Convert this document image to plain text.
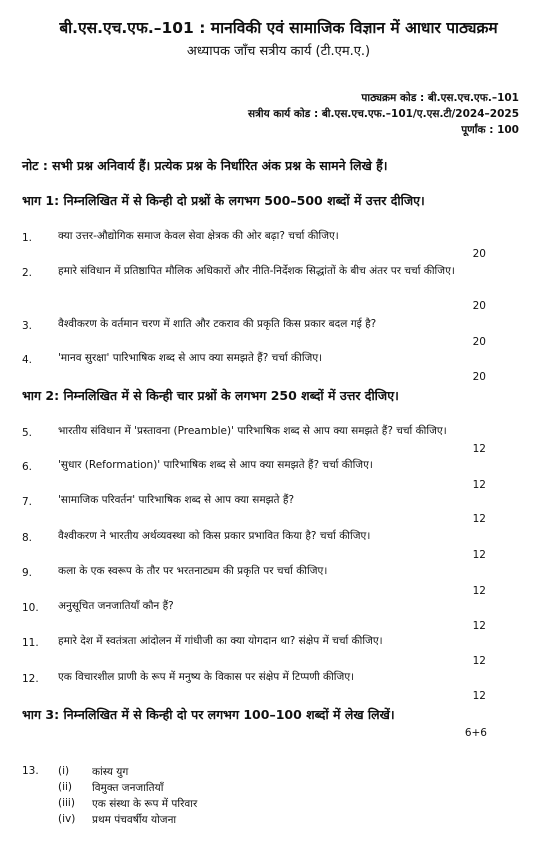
बी.एस.एच.एफ.–101 : मानविकी एवं सामाजिक विज्ञान में आधार पाठ्यक्रम
अध्यापक जाँच सत्रीय कार्य (टी.एम.ए.)
पाठ्यक्रम कोड : बी.एस.एच.एफ.–101
सत्रीय कार्य कोड : बी.एस.एच.एफ.–101/ए.एस.टी/2024–2025
पूर्णांक : 100
नोट : सभी प्रश्न अनिवार्य हैं। प्रत्येक प्रश्न के निर्धारित अंक प्रश्न के सामने लिखे हैं।
भाग 1: निम्नलिखित में से किन्ही दो प्रश्नों के लगभग 500–500 शब्दों में उत्तर दीजिए।
1. क्या उत्तर-औद्योगिक समाज केवल सेवा क्षेत्रक की ओर बढ़ा? चर्चा कीजिए।
20
2. हमारे संविधान में प्रतिष्ठापित मौलिक अधिकारों और नीति-निर्देशक सिद्धांतों के बीच अंतर पर चर्चा कीजिए।
20
3. वैश्वीकरण के वर्तमान चरण में शाति और टकराव की प्रकृति किस प्रकार बदल गई है?
20
4. 'मानव सुरक्षा' पारिभाषिक शब्द से आप क्या समझते हैं? चर्चा कीजिए।
20
भाग 2: निम्नलिखित में से किन्ही चार प्रश्नों के लगभग 250 शब्दों में उत्तर दीजिए।
5. भारतीय संविधान में 'प्रस्तावना (Preamble)' पारिभाषिक शब्द से आप क्या समझते हैं? चर्चा कीजिए।
12
6. 'सुधार (Reformation)' पारिभाषिक शब्द से आप क्या समझते हैं? चर्चा कीजिए।
12
7. 'सामाजिक परिवर्तन' पारिभाषिक शब्द से आप क्या समझते हैं?
12
8. वैश्वीकरण ने भारतीय अर्थव्यवस्था को किस प्रकार प्रभावित किया है? चर्चा कीजिए।
12
9. कला के एक स्वरूप के तौर पर भरतनाट्यम की प्रकृति पर चर्चा कीजिए।
12
10. अनुसूचित जनजातियाँ कौन हैं?
12
11. हमारे देश में स्वतंत्रता आंदोलन में गांधीजी का क्या योगदान था? संक्षेप में चर्चा कीजिए।
12
12. एक विचारशील प्राणी के रूप में मनुष्य के विकास पर संक्षेप में टिप्पणी कीजिए।
12
भाग 3: निम्नलिखित में से किन्ही दो पर लगभग 100–100 शब्दों में लेख लिखें।
6+6
13. (i) कांस्य युग
(ii) विमुक्त जनजातियाँ
(iii) एक संस्था के रूप में परिवार
(iv) प्रथम पंचवर्षीय योजना
